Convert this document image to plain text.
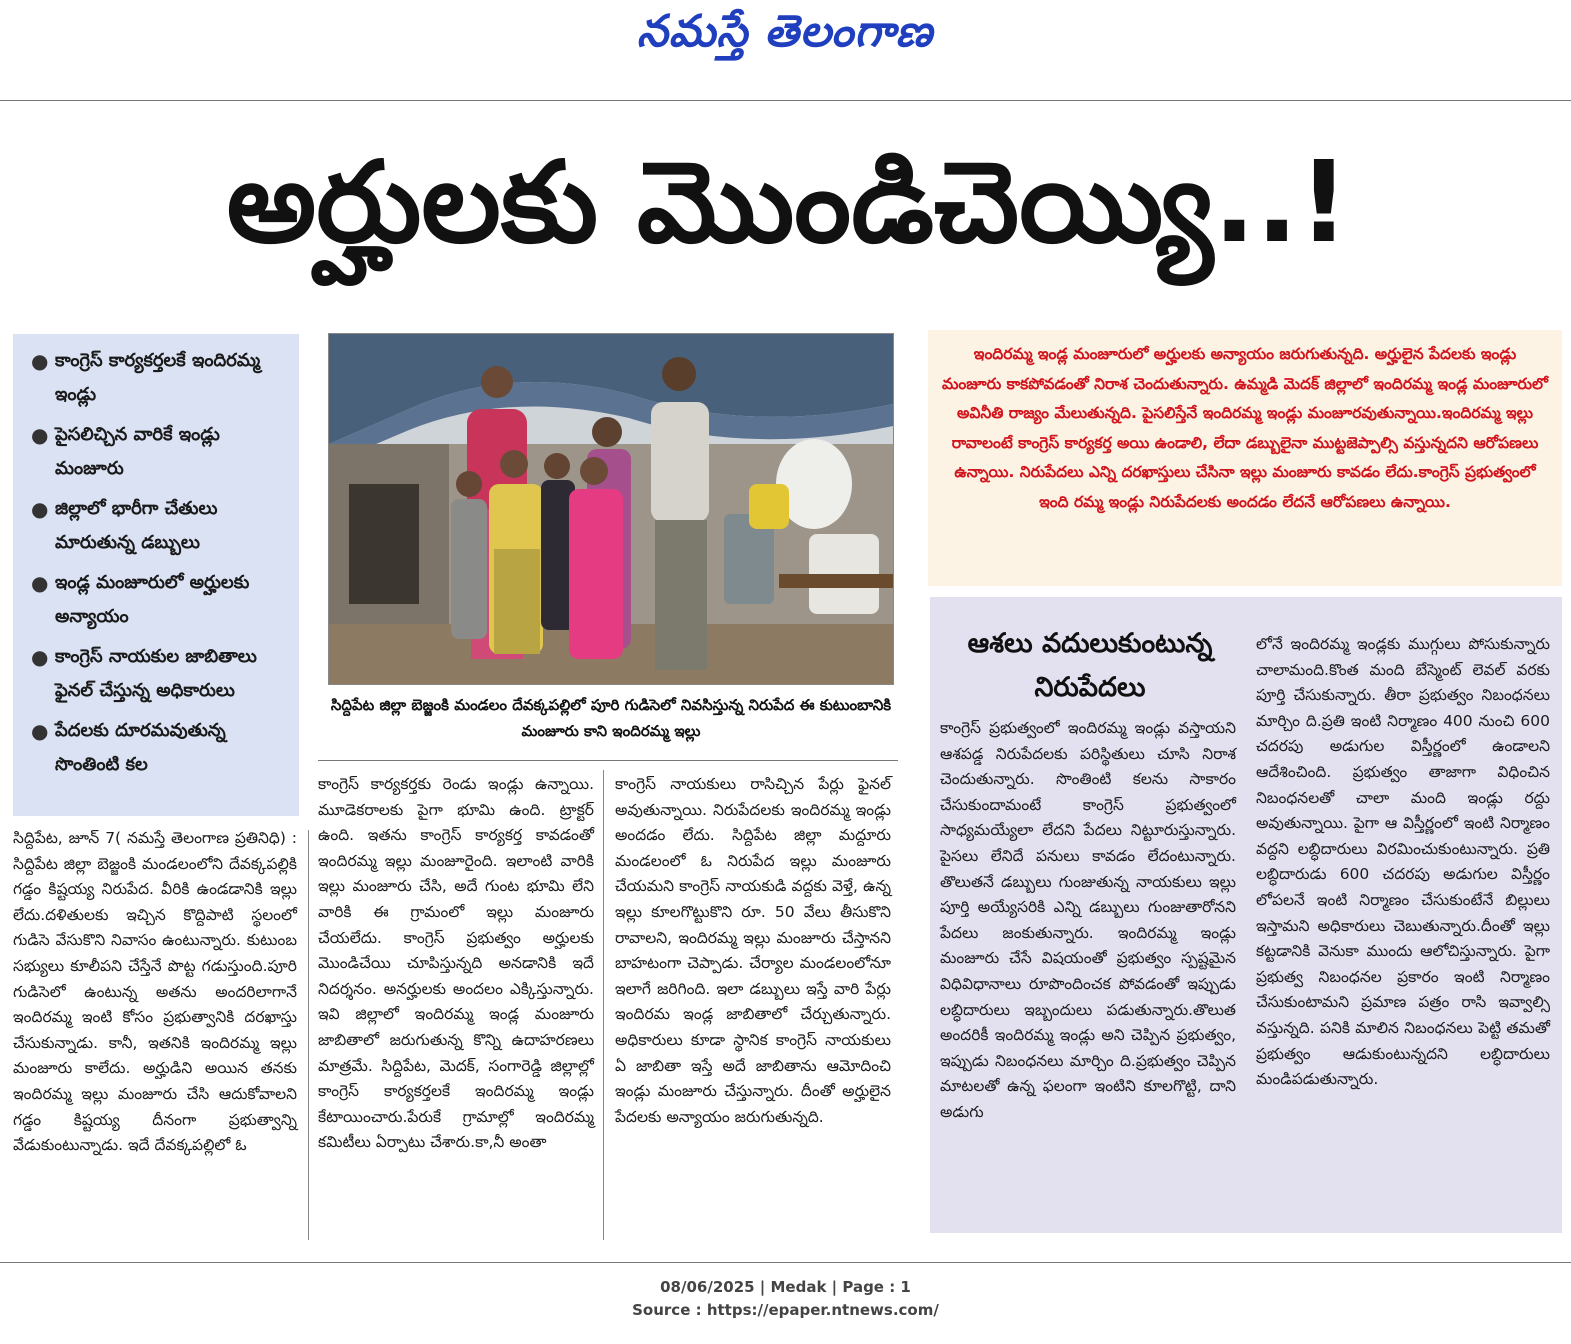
నమస్తే తెలంగాణ
అర్హులకు మొండిచెయ్యి..!
● కాంగ్రెస్ కార్యకర్తలకే ఇందిరమ్మ ఇండ్లు
● పైసలిచ్చిన వారికే ఇండ్లు మంజూరు
● జిల్లాలో భారీగా చేతులు మారుతున్న డబ్బులు
● ఇండ్ల మంజూరులో అర్హులకు అన్యాయం
● కాంగ్రెస్ నాయకుల జాబితాలు ఫైనల్ చేస్తున్న అధికారులు
● పేదలకు దూరమవుతున్న సొంతింటి కల
సిద్దిపేట జిల్లా బెజ్జంకి మండలం దేవక్కపల్లిలో పూరి గుడిసెలో నివసిస్తున్న నిరుపేద ఈ కుటుంబానికి మంజూరు కాని ఇందిరమ్మ ఇల్లు
సిద్దిపేట, జూన్ 7( నమస్తే తెలంగాణ ప్రతినిధి) : సిద్దిపేట జిల్లా బెజ్జంకి మండలంలోని దేవక్కపల్లికి గడ్డం కిష్టయ్య నిరుపేద. వీరికి ఉండడానికి ఇల్లు లేదు.దళితులకు ఇచ్చిన కొద్దిపాటి స్థలంలో గుడిసె వేసుకొని నివాసం ఉంటున్నారు. కుటుంబ సభ్యులు కూలీపని చేస్తేనే పొట్ట గడుస్తుంది.పూరి గుడిసెలో ఉంటున్న అతను అందరిలాగానే ఇందిరమ్మ ఇంటి కోసం ప్రభుత్వానికి దరఖాస్తు చేసుకున్నాడు. కానీ, ఇతనికి ఇందిరమ్మ ఇల్లు మంజూరు కాలేదు. అర్హుడిని అయిన తనకు ఇందిరమ్మ ఇల్లు మంజూరు చేసి ఆదుకోవాలని గడ్డం కిష్టయ్య దీనంగా ప్రభుత్వాన్ని వేడుకుంటున్నాడు. ఇదే దేవక్కపల్లిలో ఓ
కాంగ్రెస్ కార్యకర్తకు రెండు ఇండ్లు ఉన్నాయి. మూడెకరాలకు పైగా భూమి ఉంది. ట్రాక్టర్ ఉంది. ఇతను కాంగ్రెస్ కార్యకర్త కావడంతో ఇందిరమ్మ ఇల్లు మంజూరైంది. ఇలాంటి వారికి ఇల్లు మంజూరు చేసి, అదే గుంట భూమి లేని వారికి ఈ గ్రామంలో ఇల్లు మంజూరు చేయలేదు. కాంగ్రెస్ ప్రభుత్వం అర్హులకు మొండిచేయి చూపిస్తున్నది అనడానికి ఇదే నిదర్శనం. అనర్హులకు అందలం ఎక్కిస్తున్నారు. ఇవి జిల్లాలో ఇందిరమ్మ ఇండ్ల మంజూరు జాబితాలో జరుగుతున్న కొన్ని ఉదాహరణలు మాత్రమే. సిద్దిపేట, మెదక్, సంగారెడ్డి జిల్లాల్లో కాంగ్రెస్ కార్యకర్తలకే ఇందిరమ్మ ఇండ్లు కేటాయించారు.పేరుకే గ్రామాల్లో ఇందిరమ్మ కమిటీలు ఏర్పాటు చేశారు.కా,నీ అంతా
కాంగ్రెస్ నాయకులు రాసిచ్చిన పేర్లు ఫైనల్ అవుతున్నాయి. నిరుపేదలకు ఇందిరమ్మ ఇండ్లు అందడం లేదు. సిద్దిపేట జిల్లా మద్దూరు మండలంలో ఓ నిరుపేద ఇల్లు మంజూరు చేయమని కాంగ్రెస్ నాయకుడి వద్దకు వెళ్తే, ఉన్న ఇల్లు కూలగొట్టుకొని రూ. 50 వేలు తీసుకొని రావాలని, ఇందిరమ్మ ఇల్లు మంజూరు చేస్తానని బాహటంగా చెప్పాడు. చేర్యాల మండలంలోనూ ఇలాగే జరిగింది. ఇలా డబ్బులు ఇస్తే వారి పేర్లు ఇందిరమ ఇండ్ల జాబితాలో చేర్చుతున్నారు. అధికారులు కూడా స్థానిక కాంగ్రెస్ నాయకులు ఏ జాబితా ఇస్తే అదే జాబితాను ఆమోదించి ఇండ్లు మంజూరు చేస్తున్నారు. దీంతో అర్హులైన పేదలకు అన్యాయం జరుగుతున్నది.
ఇందిరమ్మ ఇండ్ల మంజూరులో అర్హులకు అన్యాయం జరుగుతున్నది. అర్హులైన పేదలకు ఇండ్లు మంజూరు కాకపోవడంతో నిరాశ చెందుతున్నారు. ఉమ్మడి మెదక్ జిల్లాలో ఇందిరమ్మ ఇండ్ల మంజూరులో అవినీతి రాజ్యం మేలుతున్నది. పైసలిస్తేనే ఇందిరమ్మ ఇండ్లు మంజూరవుతున్నాయి.ఇందిరమ్మ ఇల్లు రావాలంటే కాంగ్రెస్ కార్యకర్త అయి ఉండాలి, లేదా డబ్బులైనా ముట్టజెప్పాల్సి వస్తున్నదని ఆరోపణలు ఉన్నాయి. నిరుపేదలు ఎన్ని దరఖాస్తులు చేసినా ఇల్లు మంజూరు కావడం లేదు.కాంగ్రెస్ ప్రభుత్వంలో ఇంది రమ్మ ఇండ్లు నిరుపేదలకు అందడం లేదనే ఆరోపణలు ఉన్నాయి.
ఆశలు వదులుకుంటున్న నిరుపేదలు
కాంగ్రెస్ ప్రభుత్వంలో ఇందిరమ్మ ఇండ్లు వస్తాయని ఆశపడ్డ నిరుపేదలకు పరిస్థితులు చూసి నిరాశ చెందుతున్నారు. సొంతింటి కలను సాకారం చేసుకుందామంటే కాంగ్రెస్ ప్రభుత్వంలో సాధ్యమయ్యేలా లేదని పేదలు నిట్టూరుస్తున్నారు. పైసలు లేనిదే పనులు కావడం లేదంటున్నారు. తొలుతనే డబ్బులు గుంజుతున్న నాయకులు ఇల్లు పూర్తి అయ్యేసరికి ఎన్ని డబ్బులు గుంజుతారోనని పేదలు జంకుతున్నారు. ఇందిరమ్మ ఇండ్లు మంజూరు చేసే విషయంతో ప్రభుత్వం స్పష్టమైన విధివిధానాలు రూపొందించక పోవడంతో ఇప్పుడు లబ్ధిదారులు ఇబ్బందులు పడుతున్నారు.తొలుత అందరికీ ఇందిరమ్మ ఇండ్లు అని చెప్పిన ప్రభుత్వం, ఇప్పుడు నిబంధనలు మార్చిం ది.ప్రభుత్వం చెప్పిన మాటలతో ఉన్న ఫలంగా ఇంటిని కూలగొట్టి, దాని అడుగు
లోనే ఇందిరమ్మ ఇండ్లకు ముగ్గులు పోసుకున్నారు చాలామంది.కొంత మంది బేస్మెంట్ లెవల్ వరకు పూర్తి చేసుకున్నారు. తీరా ప్రభుత్వం నిబంధనలు మార్చిం ది.ప్రతి ఇంటి నిర్మాణం 400 నుంచి 600 చదరపు అడుగుల విస్తీర్ణంలో ఉండాలని ఆదేశించింది. ప్రభుత్వం తాజాగా విధించిన నిబంధనలతో చాలా మంది ఇండ్లు రద్దు అవుతున్నాయి. పైగా ఆ విస్తీర్ణంలో ఇంటి నిర్మాణం వద్దని లబ్ధిదారులు విరమించుకుంటున్నారు. ప్రతి లబ్ధిదారుడు 600 చదరపు అడుగుల విస్తీర్ణం లోపలనే ఇంటి నిర్మాణం చేసుకుంటేనే బిల్లులు ఇస్తామని అధికారులు చెబుతున్నారు.దీంతో ఇల్లు కట్టడానికి వెనుకా ముందు ఆలోచిస్తున్నారు. పైగా ప్రభుత్వ నిబంధనల ప్రకారం ఇంటి నిర్మాణం చేసుకుంటామని ప్రమాణ పత్రం రాసి ఇవ్వాల్సి వస్తున్నది. పనికి మాలిన నిబంధనలు పెట్టి తమతో ప్రభుత్వం ఆడుకుంటున్నదని లబ్ధిదారులు మండిపడుతున్నారు.
08/06/2025 | Medak | Page : 1
Source : https://epaper.ntnews.com/
